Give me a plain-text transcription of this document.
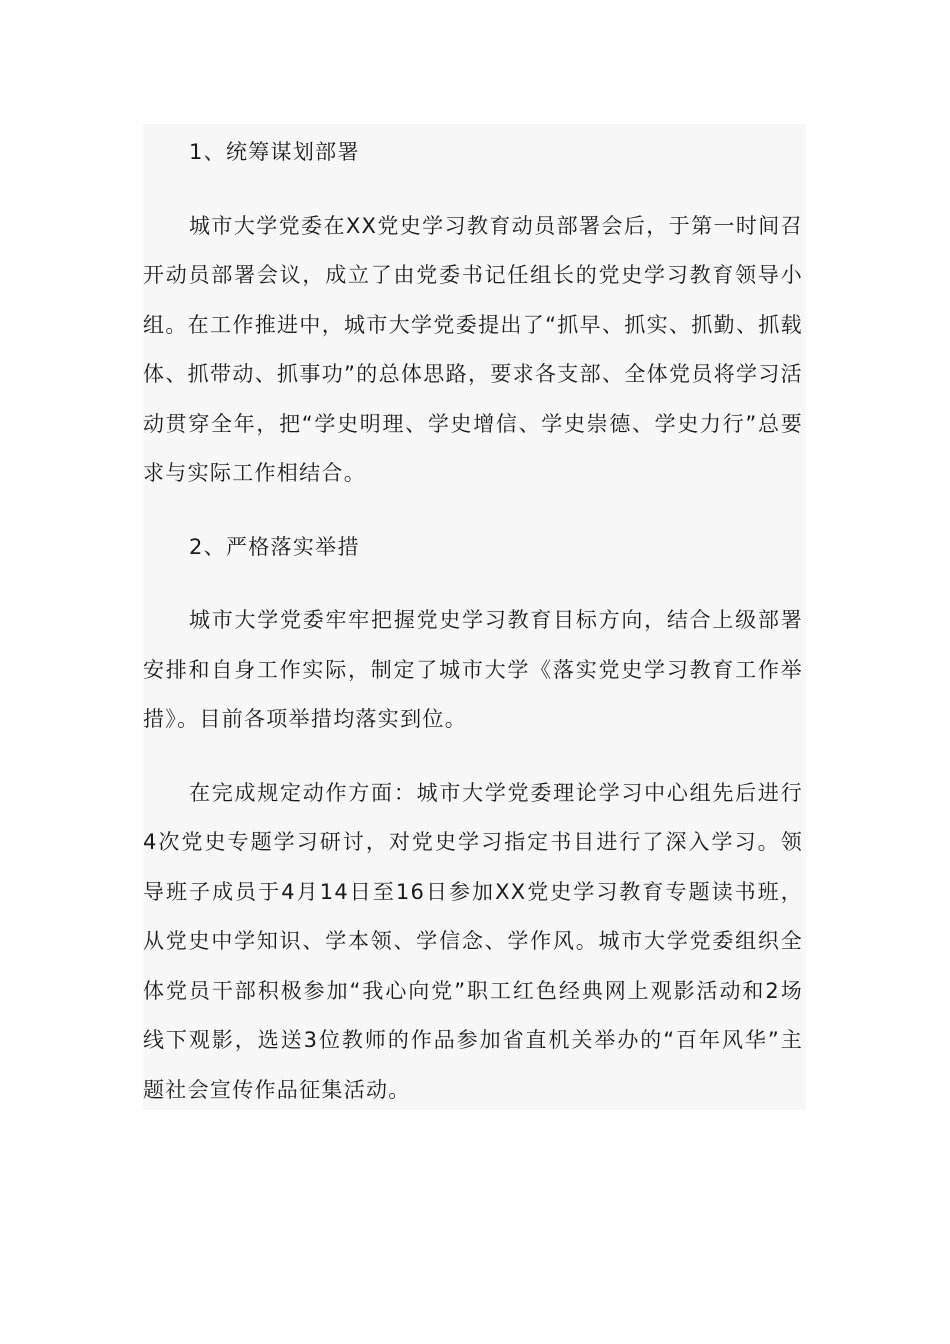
1、统筹谋划部署

城市大学党委在XX党史学习教育动员部署会后，于第一时间召开动员部署会议，成立了由党委书记任组长的党史学习教育领导小组。在工作推进中，城市大学党委提出了“抓早、抓实、抓勤、抓载体、抓带动、抓事功”的总体思路，要求各支部、全体党员将学习活动贯穿全年，把“学史明理、学史增信、学史崇德、学史力行”总要求与实际工作相结合。

2、严格落实举措

城市大学党委牢牢把握党史学习教育目标方向，结合上级部署安排和自身工作实际，制定了城市大学《落实党史学习教育工作举措》。目前各项举措均落实到位。

在完成规定动作方面：城市大学党委理论学习中心组先后进行4次党史专题学习研讨，对党史学习指定书目进行了深入学习。领导班子成员于4月14日至16日参加XX党史学习教育专题读书班，从党史中学知识、学本领、学信念、学作风。城市大学党委组织全体党员干部积极参加“我心向党”职工红色经典网上观影活动和2场线下观影，选送3位教师的作品参加省直机关举办的“百年风华”主题社会宣传作品征集活动。
